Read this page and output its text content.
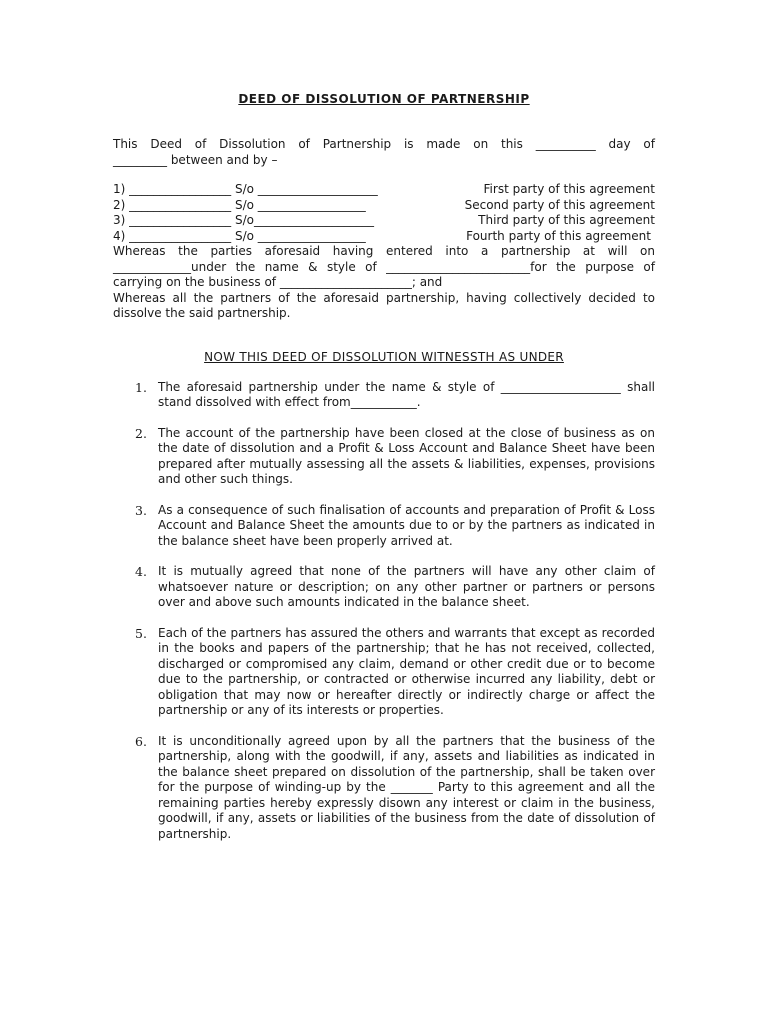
DEED OF DISSOLUTION OF PARTNERSHIP

This Deed of Dissolution of Partnership is made on this __________ day of

_________ between and by –

1) _________________ S/o ____________________	First party of this agreement
2) _________________ S/o __________________	Second party of this agreement
3) _________________ S/o____________________	Third party of this agreement
4) _________________ S/o __________________	Fourth party of this agreement

Whereas the parties aforesaid having entered into a partnership at will on _____________under the name & style of ________________________for the purpose of carrying on the business of ______________________; and

Whereas all the partners of the aforesaid partnership, having collectively decided to dissolve the said partnership.

NOW THIS DEED OF DISSOLUTION WITNESSTH AS UNDER
1. The aforesaid partnership under the name & style of ____________________ shall stand dissolved with effect from___________.
2. The account of the partnership have been closed at the close of business as on the date of dissolution and a Profit & Loss Account and Balance Sheet have been prepared after mutually assessing all the assets & liabilities, expenses, provisions and other such things.
3. As a consequence of such finalisation of accounts and preparation of Profit & Loss Account and Balance Sheet the amounts due to or by the partners as indicated in the balance sheet have been properly arrived at.
4. It is mutually agreed that none of the partners will have any other claim of whatsoever nature or description; on any other partner or partners or persons over and above such amounts indicated in the balance sheet.
5. Each of the partners has assured the others and warrants that except as recorded in the books and papers of the partnership; that he has not received, collected, discharged or compromised any claim, demand or other credit due or to become due to the partnership, or contracted or otherwise incurred any liability, debt or obligation that may now or hereafter directly or indirectly charge or affect the partnership or any of its interests or properties.
6. It is unconditionally agreed upon by all the partners that the business of the partnership, along with the goodwill, if any, assets and liabilities as indicated in the balance sheet prepared on dissolution of the partnership, shall be taken over for the purpose of winding-up by the _______ Party to this agreement and all the remaining parties hereby expressly disown any interest or claim in the business, goodwill, if any, assets or liabilities of the business from the date of dissolution of partnership.
